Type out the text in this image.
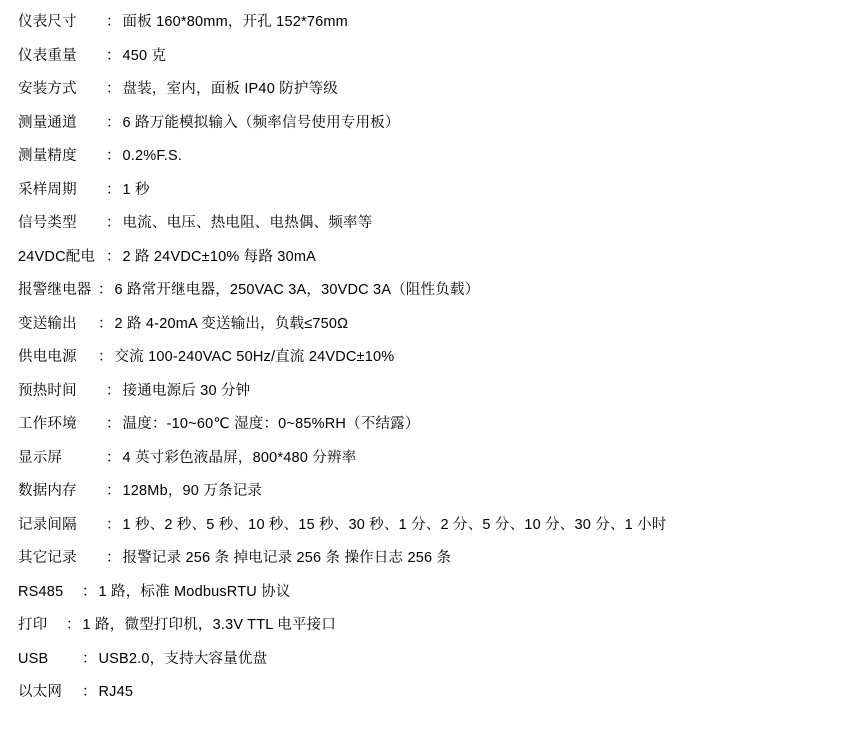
仪表尺寸	： 面板 160*80mm，开孔 152*76mm
仪表重量	： 450 克
安装方式	： 盘装，室内，面板 IP40 防护等级
测量通道	： 6 路万能模拟输入（频率信号使用专用板）
测量精度	： 0.2%F.S.
采样周期	： 1 秒
信号类型	： 电流、电压、热电阻、电热偶、频率等
24VDC配电 ： 2 路 24VDC±10% 每路 30mA
报警继电器 ： 6 路常开继电器，250VAC 3A，30VDC 3A（阻性负载）
变送输出	： 2 路 4-20mA 变送输出，负载≤750Ω
供电电源	： 交流 100-240VAC 50Hz/直流 24VDC±10%
预热时间	： 接通电源后 30 分钟
工作环境	： 温度：-10~60℃ 湿度：0~85%RH（不结露）
显示屏	： 4 英寸彩色液晶屏，800*480 分辨率
数据内存	： 128Mb，90 万条记录
记录间隔	： 1 秒、2 秒、5 秒、10 秒、15 秒、30 秒、1 分、2 分、5 分、10 分、30 分、1 小时
其它记录	： 报警记录 256 条 掉电记录 256 条 操作日志 256 条
RS485	： 1 路，标准 ModbusRTU 协议
打印	： 1 路，微型打印机，3.3V TTL 电平接口
USB	： USB2.0，支持大容量优盘
以太网	： RJ45
